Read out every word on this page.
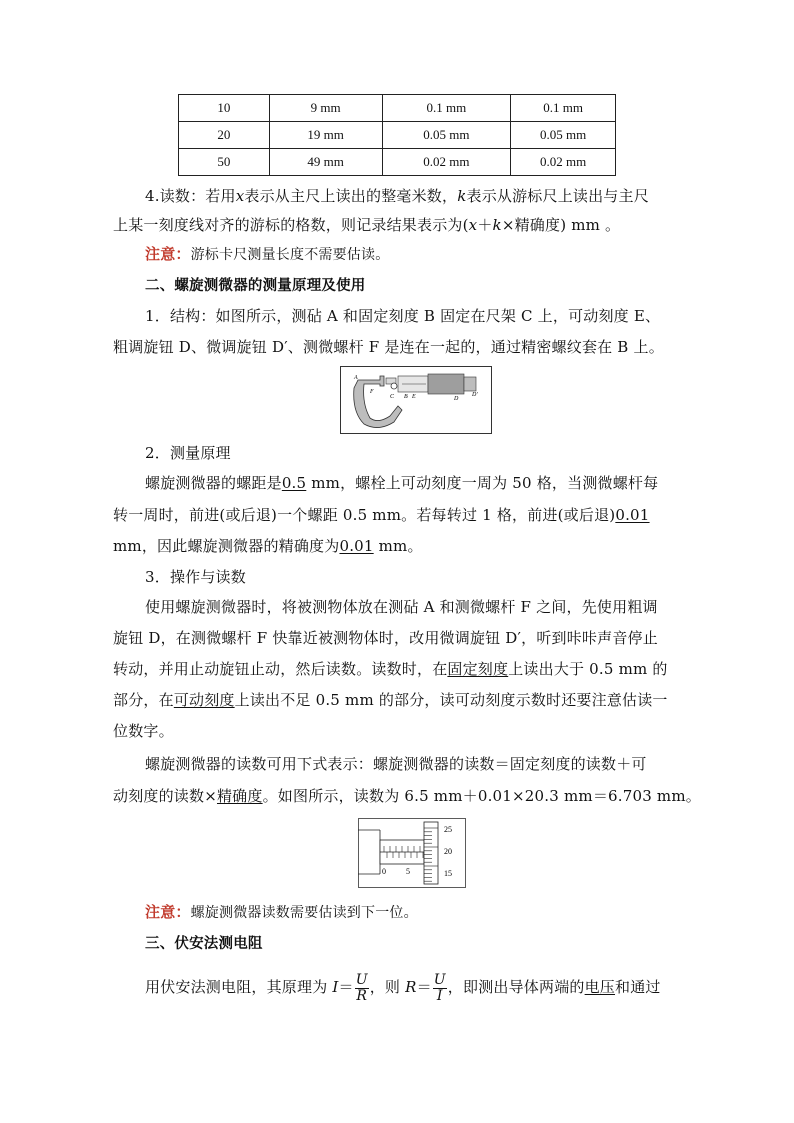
10	9 mm	0.1 mm	0.1 mm
20	19 mm	0.05 mm	0.05 mm
50	49 mm	0.02 mm	0.02 mm
4.读数：若用x表示从主尺上读出的整毫米数，k表示从游标尺上读出与主尺
上某一刻度线对齐的游标的格数，则记录结果表示为(x＋k×精确度) mm 。
注意：游标卡尺测量长度不需要估读。
二、螺旋测微器的测量原理及使用
1．结构：如图所示，测砧 A 和固定刻度 B 固定在尺架 C 上，可动刻度 E、
粗调旋钮 D、微调旋钮 D′、测微螺杆 F 是连在一起的，通过精密螺纹套在 B 上。
A
F
C B E	D
D′
2．测量原理
螺旋测微器的螺距是0.5 mm，螺栓上可动刻度一周为 50 格，当测微螺杆每
转一周时，前进(或后退)一个螺距 0.5 mm。若每转过 1 格，前进(或后退)0.01
mm，因此螺旋测微器的精确度为0.01 mm。
3．操作与读数
使用螺旋测微器时，将被测物体放在测砧 A 和测微螺杆 F 之间，先使用粗调
旋钮 D，在测微螺杆 F 快靠近被测物体时，改用微调旋钮 D′，听到咔咔声音停止
转动，并用止动旋钮止动，然后读数。读数时，在固定刻度上读出大于 0.5 mm 的
部分，在可动刻度上读出不足 0.5 mm 的部分，读可动刻度示数时还要注意估读一
位数字。
螺旋测微器的读数可用下式表示：螺旋测微器的读数＝固定刻度的读数＋可
动刻度的读数×精确度。如图所示，读数为 6.5 mm＋0.01×20.3 mm＝6.703 mm。
25
20
15
0	5
注意：螺旋测微器读数需要估读到下一位。
三、伏安法测电阻
用伏安法测电阻，其原理为 $I= \frac{U}{R}$ ，则 $R= \frac{U}{I}$ ，即测出导体两端的电压和通过
